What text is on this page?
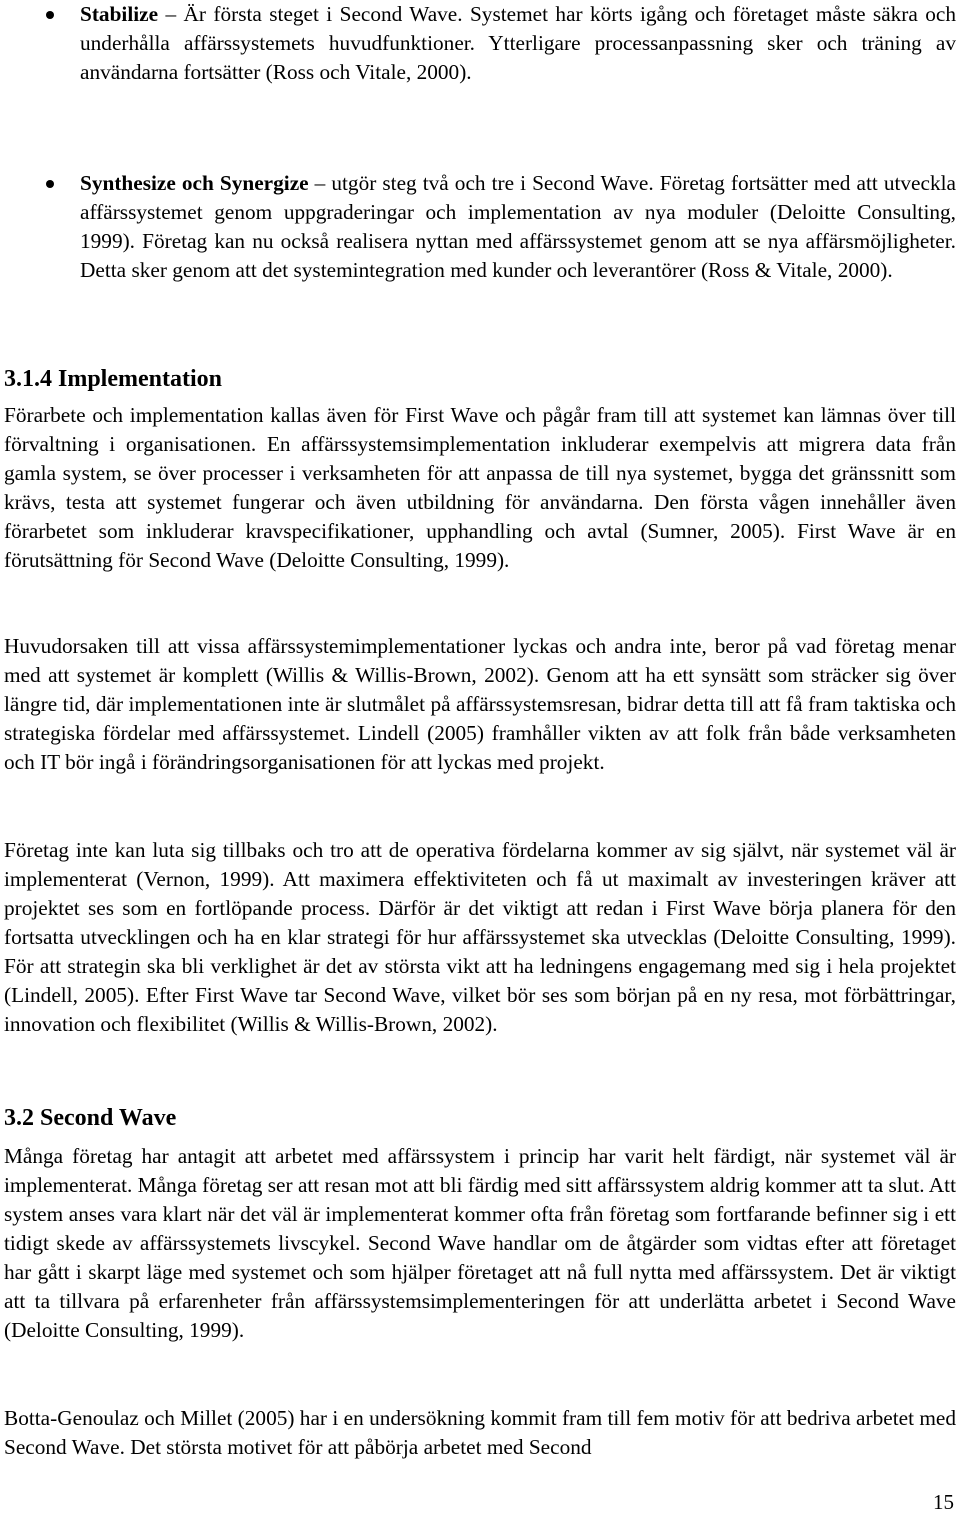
Stabilize – Är första steget i Second Wave. Systemet har körts igång och företaget måste säkra och underhålla affärssystemets huvudfunktioner. Ytterligare processanpassning sker och träning av användarna fortsätter (Ross och Vitale, 2000).
Synthesize och Synergize – utgör steg två och tre i Second Wave. Företag fortsätter med att utveckla affärssystemet genom uppgraderingar och implementation av nya moduler (Deloitte Consulting, 1999). Företag kan nu också realisera nyttan med affärssystemet genom att se nya affärsmöjligheter. Detta sker genom att det systemintegration med kunder och leverantörer (Ross & Vitale, 2000).
3.1.4 Implementation

Förarbete och implementation kallas även för First Wave och pågår fram till att systemet kan lämnas över till förvaltning i organisationen. En affärssystemsimplementation inkluderar exempelvis att migrera data från gamla system, se över processer i verksamheten för att anpassa de till nya systemet, bygga det gränssnitt som krävs, testa att systemet fungerar och även utbildning för användarna. Den första vågen innehåller även förarbetet som inkluderar kravspecifikationer, upphandling och avtal (Sumner, 2005). First Wave är en förutsättning för Second Wave (Deloitte Consulting, 1999).

Huvudorsaken till att vissa affärssystemimplementationer lyckas och andra inte, beror på vad företag menar med att systemet är komplett (Willis & Willis-Brown, 2002). Genom att ha ett synsätt som sträcker sig över längre tid, där implementationen inte är slutmålet på affärssystemsresan, bidrar detta till att få fram taktiska och strategiska fördelar med affärssystemet. Lindell (2005) framhåller vikten av att folk från både verksamheten och IT bör ingå i förändringsorganisationen för att lyckas med projekt.

Företag inte kan luta sig tillbaks och tro att de operativa fördelarna kommer av sig självt, när systemet väl är implementerat (Vernon, 1999). Att maximera effektiviteten och få ut maximalt av investeringen kräver att projektet ses som en fortlöpande process. Därför är det viktigt att redan i First Wave börja planera för den fortsatta utvecklingen och ha en klar strategi för hur affärssystemet ska utvecklas (Deloitte Consulting, 1999). För att strategin ska bli verklighet är det av största vikt att ha ledningens engagemang med sig i hela projektet (Lindell, 2005). Efter First Wave tar Second Wave, vilket bör ses som början på en ny resa, mot förbättringar, innovation och flexibilitet (Willis & Willis-Brown, 2002).

3.2 Second Wave

Många företag har antagit att arbetet med affärssystem i princip har varit helt färdigt, när systemet väl är implementerat. Många företag ser att resan mot att bli färdig med sitt affärssystem aldrig kommer att ta slut. Att system anses vara klart när det väl är implementerat kommer ofta från företag som fortfarande befinner sig i ett tidigt skede av affärssystemets livscykel. Second Wave handlar om de åtgärder som vidtas efter att företaget har gått i skarpt läge med systemet och som hjälper företaget att nå full nytta med affärssystem. Det är viktigt att ta tillvara på erfarenheter från affärssystemsimplementeringen för att underlätta arbetet i Second Wave (Deloitte Consulting, 1999).

Botta-Genoulaz och Millet (2005) har i en undersökning kommit fram till fem motiv för att bedriva arbetet med Second Wave. Det största motivet för att påbörja arbetet med Second

15
